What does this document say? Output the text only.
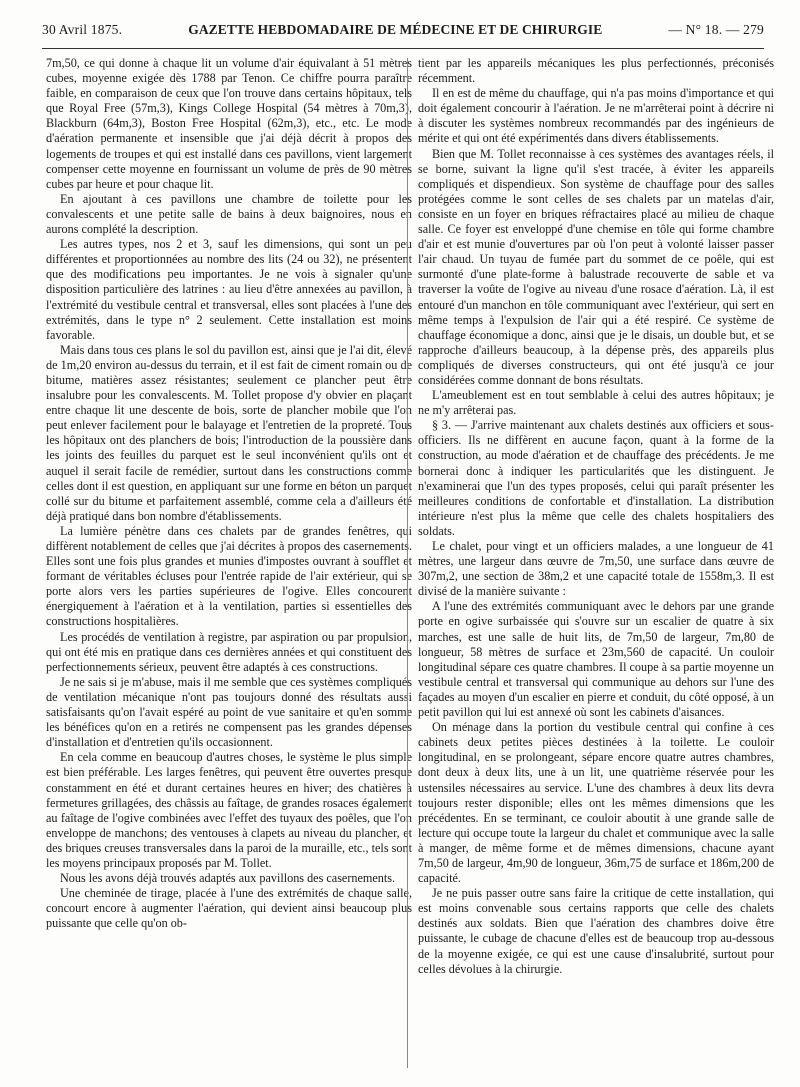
30 Avril 1875.	GAZETTE HEBDOMADAIRE DE MÉDECINE ET DE CHIRURGIE	— N° 18. — 279

7m,50, ce qui donne à chaque lit un volume d'air équivalant à 51 mètres cubes, moyenne exigée dès 1788 par Tenon. Ce chiffre pourra paraître faible, en comparaison de ceux que l'on trouve dans certains hôpitaux, tels que Royal Free (57m,3), Kings College Hospital (54 mètres à 70m,3), Blackburn (64m,3), Boston Free Hospital (62m,3), etc., etc. Le mode d'aération permanente et insensible que j'ai déjà décrit à propos des logements de troupes et qui est installé dans ces pavillons, vient largement compenser cette moyenne en fournissant un volume de près de 90 mètres cubes par heure et pour chaque lit.

En ajoutant à ces pavillons une chambre de toilette pour les convalescents et une petite salle de bains à deux baignoires, nous en aurons complété la description.

Les autres types, nos 2 et 3, sauf les dimensions, qui sont un peu différentes et proportionnées au nombre des lits (24 ou 32), ne présentent que des modifications peu importantes. Je ne vois à signaler qu'une disposition particulière des latrines : au lieu d'être annexées au pavillon, à l'extrémité du vestibule central et transversal, elles sont placées à l'une des extrémités, dans le type n° 2 seulement. Cette installation est moins favorable.

Mais dans tous ces plans le sol du pavillon est, ainsi que je l'ai dit, élevé de 1m,20 environ au-dessus du terrain, et il est fait de ciment romain ou de bitume, matières assez résistantes; seulement ce plancher peut être insalubre pour les convalescents. M. Tollet propose d'y obvier en plaçant entre chaque lit une descente de bois, sorte de plancher mobile que l'on peut enlever facilement pour le balayage et l'entretien de la propreté. Tous les hôpitaux ont des planchers de bois; l'introduction de la poussière dans les joints des feuilles du parquet est le seul inconvénient qu'ils ont et auquel il serait facile de remédier, surtout dans les constructions comme celles dont il est question, en appliquant sur une forme en béton un parquet collé sur du bitume et parfaitement assemblé, comme cela a d'ailleurs été déjà pratiqué dans bon nombre d'établissements.

La lumière pénètre dans ces chalets par de grandes fenêtres, qui diffèrent notablement de celles que j'ai décrites à propos des casernements. Elles sont une fois plus grandes et munies d'impostes ouvrant à soufflet et formant de véritables écluses pour l'entrée rapide de l'air extérieur, qui se porte alors vers les parties supérieures de l'ogive. Elles concourent énergiquement à l'aération et à la ventilation, parties si essentielles des constructions hospitalières.

Les procédés de ventilation à registre, par aspiration ou par propulsion, qui ont été mis en pratique dans ces dernières années et qui constituent des perfectionnements sérieux, peuvent être adaptés à ces constructions.

Je ne sais si je m'abuse, mais il me semble que ces systèmes compliqués de ventilation mécanique n'ont pas toujours donné des résultats aussi satisfaisants qu'on l'avait espéré au point de vue sanitaire et qu'en somme les bénéfices qu'on en a retirés ne compensent pas les grandes dépenses d'installation et d'entretien qu'ils occasionnent.

En cela comme en beaucoup d'autres choses, le système le plus simple est bien préférable. Les larges fenêtres, qui peuvent être ouvertes presque constamment en été et durant certaines heures en hiver; des chatières à fermetures grillagées, des châssis au faîtage, de grandes rosaces également au faîtage de l'ogive combinées avec l'effet des tuyaux des poêles, que l'on enveloppe de manchons; des ventouses à clapets au niveau du plancher, et des briques creuses transversales dans la paroi de la muraille, etc., tels sont les moyens principaux proposés par M. Tollet.

Nous les avons déjà trouvés adaptés aux pavillons des casernements.

Une cheminée de tirage, placée à l'une des extrémités de chaque salle, concourt encore à augmenter l'aération, qui devient ainsi beaucoup plus puissante que celle qu'on ob-

tient par les appareils mécaniques les plus perfectionnés, préconisés récemment.

Il en est de même du chauffage, qui n'a pas moins d'importance et qui doit également concourir à l'aération. Je ne m'arrêterai point à décrire ni à discuter les systèmes nombreux recommandés par des ingénieurs de mérite et qui ont été expérimentés dans divers établissements.

Bien que M. Tollet reconnaisse à ces systèmes des avantages réels, il se borne, suivant la ligne qu'il s'est tracée, à éviter les appareils compliqués et dispendieux. Son système de chauffage pour des salles protégées comme le sont celles de ses chalets par un matelas d'air, consiste en un foyer en briques réfractaires placé au milieu de chaque salle. Ce foyer est enveloppé d'une chemise en tôle qui forme chambre d'air et est munie d'ouvertures par où l'on peut à volonté laisser passer l'air chaud. Un tuyau de fumée part du sommet de ce poêle, qui est surmonté d'une plate-forme à balustrade recouverte de sable et va traverser la voûte de l'ogive au niveau d'une rosace d'aération. Là, il est entouré d'un manchon en tôle communiquant avec l'extérieur, qui sert en même temps à l'expulsion de l'air qui a été respiré. Ce système de chauffage économique a donc, ainsi que je le disais, un double but, et se rapproche d'ailleurs beaucoup, à la dépense près, des appareils plus compliqués de diverses constructeurs, qui ont été jusqu'à ce jour considérées comme donnant de bons résultats.

L'ameublement est en tout semblable à celui des autres hôpitaux; je ne m'y arrêterai pas.

§ 3. — J'arrive maintenant aux chalets destinés aux officiers et sous-officiers. Ils ne diffèrent en aucune façon, quant à la forme de la construction, au mode d'aération et de chauffage des précédents. Je me bornerai donc à indiquer les particularités que les distinguent. Je n'examinerai que l'un des types proposés, celui qui paraît présenter les meilleures conditions de confortable et d'installation. La distribution intérieure n'est plus la même que celle des chalets hospitaliers des soldats.

Le chalet, pour vingt et un officiers malades, a une longueur de 41 mètres, une largeur dans œuvre de 7m,50, une surface dans œuvre de 307m,2, une section de 38m,2 et une capacité totale de 1558m,3. Il est divisé de la manière suivante :

A l'une des extrémités communiquant avec le dehors par une grande porte en ogive surbaissée qui s'ouvre sur un escalier de quatre à six marches, est une salle de huit lits, de 7m,50 de largeur, 7m,80 de longueur, 58 mètres de surface et 23m,560 de capacité. Un couloir longitudinal sépare ces quatre chambres. Il coupe à sa partie moyenne un vestibule central et transversal qui communique au dehors sur l'une des façades au moyen d'un escalier en pierre et conduit, du côté opposé, à un petit pavillon qui lui est annexé où sont les cabinets d'aisances.

On ménage dans la portion du vestibule central qui confine à ces cabinets deux petites pièces destinées à la toilette. Le couloir longitudinal, en se prolongeant, sépare encore quatre autres chambres, dont deux à deux lits, une à un lit, une quatrième réservée pour les ustensiles nécessaires au service. L'une des chambres à deux lits devra toujours rester disponible; elles ont les mêmes dimensions que les précédentes. En se terminant, ce couloir aboutit à une grande salle de lecture qui occupe toute la largeur du chalet et communique avec la salle à manger, de même forme et de mêmes dimensions, chacune ayant 7m,50 de largeur, 4m,90 de longueur, 36m,75 de surface et 186m,200 de capacité.

Je ne puis passer outre sans faire la critique de cette installation, qui est moins convenable sous certains rapports que celle des chalets destinés aux soldats. Bien que l'aération des chambres doive être puissante, le cubage de chacune d'elles est de beaucoup trop au-dessous de la moyenne exigée, ce qui est une cause d'insalubrité, surtout pour celles dévolues à la chirurgie.
